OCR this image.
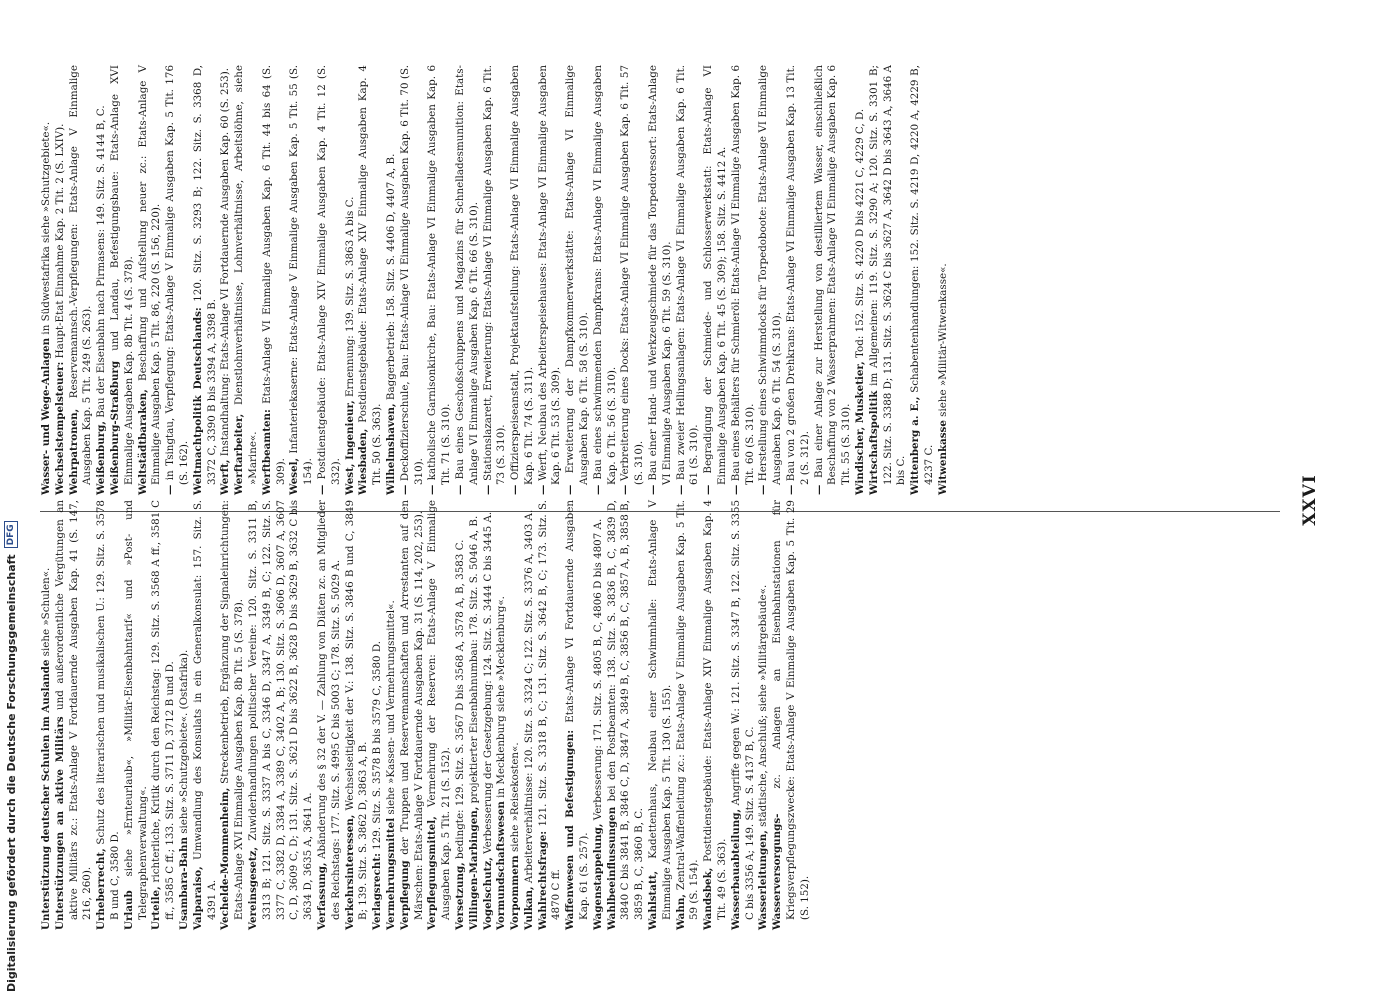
Digitalisierung gefördert durch die Deutsche Forschungsgemeinschaft
DFG
XXVI

Unterstützung deutscher Schulen im Auslande siehe »Schulen«.

Unterstützungen an aktive Militärs und außerordentliche Vergütungen an aktive Militärs zc.: Etats-Anlage V Fortdauernde Ausgaben Kap. 41 (S. 147, 216, 260). Urheberrecht, Schutz des literarischen und musikalischen U.: 129. Sitz. S. 3578 B und C, 3580 D. Urlaub siehe »Ernteurlaub«, »Militär-Eisenbahntarif« und »Post- und Telegraphenverwaltung«. Urteile, richterliche, Kritik durch den Reichstag: 129. Sitz. S. 3568 A ff., 3581 C ff., 3585 C ff.; 133. Sitz. S. 3711 D, 3712 B und D. Usambara-Bahn siehe »Schutzgebiete«. (Ostafrika).

Valparaiso, Umwandlung des Konsulats in ein Generalkonsulat: 157. Sitz. S. 4391 A. Vechelde-Mommenheim, Streckenbetrieb, Ergänzung der Signaleinrichtungen: Etats-Anlage XVI Einmalige Ausgaben Kap. 8b Tit. 5 (S. 378). Vereinsgesetz, Zuwiderhandlungen politischer Vereine: 120. Sitz. S. 3311 B, 3313 B; 121. Sitz. S. 3337 A bis C, 3346 D, 3347 A, 3349 B, C; 122. Sitz. S. 3377 C, 3382 D, 3384 A, 3389 C, 3402 A, B; 130. Sitz. S. 3606 D, 3607 A, 3607 C, D, 3609 C, D; 131. Sitz. S. 3621 D bis 3622 B, 3628 D bis 3629 B, 3632 C bis 3634 D, 3635 A, 3641 A. Verfassung, Abänderung des § 32 der V. — Zahlung von Diäten zc. an Mitglieder des Reichstags: 177. Sitz. S. 4995 C bis 5003 C; 178. Sitz. S. 5029 A. Verkehrsinteressen, Wechselseitigkeit der V.: 138. Sitz. S. 3846 B und C, 3849 B; 139. Sitz. S. 3862 D, 3863 A, B. Verlagsrecht: 129. Sitz. S. 3578 B bis 3579 C, 3580 D.

Vermehrungsmittel siehe »Kassen- und Vermehrungsmittel«.

Verpflegung der Truppen und Reservemannschaften und Arrestanten auf den Märschen: Etats-Anlage V Fortdauernde Ausgaben Kap. 31 (S. 114, 202, 253). Verpflegungsmittel, Vermehrung der Reserven: Etats-Anlage V Einmalige Ausgaben Kap. 5 Tit. 21 (S. 152). Versetzung, bedingte: 129. Sitz. S. 3567 D bis 3568 A, 3578 A, B, 3583 C.

Villingen-Marbingen, projektierter Eisenbahnumbau: 178. Sitz. S. 5046 A, B.

Vogelschutz, Verbesserung der Gesetzgebung: 124. Sitz. S. 3444 C bis 3445 A.

Vormundschaftswesen in Mecklenburg siehe »Mecklenburg«.

Vorpommern siehe »Reisekosten«.

Vulkan, Arbeiterverhältnisse: 120. Sitz. S. 3324 C; 122. Sitz. S. 3376 A, 3403 A. Wahlrechtsfrage: 121. Sitz. S. 3318 B, C; 131. Sitz. S. 3642 B, C; 173. Sitz. S. 4870 C ff. Waffenwesen und Befestigungen: Etats-Anlage VI Fortdauernde Ausgaben Kap. 61 (S. 257). Wagenstappelung, Verbesserung: 171. Sitz. S. 4805 B, C, 4806 D bis 4807 A.

Wahlbeeinflussungen bei den Postbeamten: 138. Sitz. S. 3836 B, C, 3839 D, 3840 C bis 3841 B, 3846 C, D, 3847 A, 3849 B, C, 3856 B, C, 3857 A, B, 3858 B, 3859 B, C, 3860 B, C. Wahlstatt, Kadettenhaus, Neubau einer Schwimmhalle: Etats-Anlage V Einmalige Ausgaben Kap. 5 Tit. 130 (S. 155). Wahn, Zentral-Waffenleitung zc.: Etats-Anlage V Einmalige Ausgaben Kap. 5 Tit. 59 (S. 154). Wandsbek, Posttdienstgebäude: Etats-Anlage XIV Einmalige Ausgaben Kap. 4 Tit. 49 (S. 363). Wasserbauabteilung, Angriffe gegen W.: 121. Sitz. S. 3347 B, 122. Sitz. S. 3355 C bis 3356 A; 149. Sitz. S. 4137 B, C. Wasserleitungen, städtische, Anschluß; siehe »Militärgebäude«.

Wasserversorgungs- zc. Anlagen an Eisenbahnstationen für Kriegsverpflegungszwecke: Etats-Anlage V Einmalige Ausgaben Kap. 5 Tit. 29 (S. 152).

Wasser- und Wege-Anlagen in Südwestafrika siehe »Schutzgebiete«.

Wechselstempelsteuer: Haupt-Etat Einnahme Kap. 2 Tit. 2 (S. LXIV).

Wehrpatronen, Reservemannsch.-Verpflegungen: Etats-Anlage V Einmalige Ausgaben Kap. 5 Tit. 249 (S. 263). Weißenburg, Bau der Eisenbahn nach Pirmasens: 149. Sitz. S. 4144 B, C.

Weißenburg-Straßburg und Landau, Befestigungsbaue: Etats-Anlage XVI Einmalige Ausgaben Kap. 8b Tit. 4 (S. 378). Weltstädtbaraken, Beschaffung und Aufstellung neuer zc.: Etats-Anlage V Einmalige Ausgaben Kap. 5 Tit. 86, 220 (S. 156, 220).

— in Tsingtau, Verpflegung: Etats-Anlage V Einmalige Ausgaben Kap. 5 Tit. 176 (S. 162). Weltmachtpolitik Deutschlands: 120. Sitz. S. 3293 B; 122. Sitz. S. 3368 D, 3372 C, 3390 B bis 3394 A, 3398 B. Werft, Instandhaltung: Etats-Anlage VI Fortdauernde Ausgaben Kap. 60 (S. 253). Werftarbeiter, Dienstlohnverhältnisse, Lohnverhältnisse, Arbeitslöhne, siehe »Marine«. Werftbeamten: Etats-Anlage VI Einmalige Ausgaben Kap. 6 Tit. 44 bis 64 (S. 309). Wesel, Infanteriekaserne: Etats-Anlage V Einmalige Ausgaben Kap. 5 Tit. 55 (S. 154).

— Postdienstgebäude: Etats-Anlage XIV Einmalige Ausgaben Kap. 4 Tit. 12 (S. 332). West, Ingenieur, Ernennung: 139. Sitz. S. 3863 A bis C.

Wiesbaden, Postdienstgebäude: Etats-Anlage XIV Einmalige Ausgaben Kap. 4 Tit. 50 (S. 363). Wilhelmshaven, Baggerbetrieb: 158. Sitz. S. 4406 D, 4407 A, B.

— Deckoffizierschule, Bau: Etats-Anlage VI Einmalige Ausgaben Kap. 6 Tit. 70 (S. 310).

— katholische Garnisonkirche, Bau: Etats-Anlage VI Einmalige Ausgaben Kap. 6 Tit. 71 (S. 310).

— Bau eines Geschoßschuppens und Magazins für Schnelladesmunition: Etats-Anlage VI Einmalige Ausgaben Kap. 6 Tit. 66 (S. 310).

— Stationslazarett, Erweiterung: Etats-Anlage VI Einmalige Ausgaben Kap. 6 Tit. 73 (S. 310).

— Offizierspeiseanstalt, Projektaufstellung: Etats-Anlage VI Einmalige Ausgaben Kap. 6 Tit. 74 (S. 311).

— Werft, Neubau des Arbeiterspeisehauses: Etats-Anlage VI Einmalige Ausgaben Kap. 6 Tit. 53 (S. 309).

— Erweiterung der Dampfkommerwerkstätte: Etats-Anlage VI Einmalige Ausgaben Kap. 6 Tit. 58 (S. 310).

— Bau eines schwimmenden Dampfkrans: Etats-Anlage VI Einmalige Ausgaben Kap. 6 Tit. 56 (S. 310).

— Verbreiterung eines Docks: Etats-Anlage VI Einmalige Ausgaben Kap. 6 Tit. 57 (S. 310).

— Bau einer Hand- und Werkzeugschmiede für das Torpedoressort: Etats-Anlage VI Einmalige Ausgaben Kap. 6 Tit. 59 (S. 310).

— Bau zweier Hellingsanlagen: Etats-Anlage VI Einmalige Ausgaben Kap. 6 Tit. 61 (S. 310).

— Begradigung der Schmiede- und Schlosserwerkstatt: Etats-Anlage VI Einmalige Ausgaben Kap. 6 Tit. 45 (S. 309); 158. Sitz. S. 4412 A.

— Bau eines Behälters für Schmieröl: Etats-Anlage VI Einmalige Ausgaben Kap. 6 Tit. 60 (S. 310).

— Herstellung eines Schwimmdocks für Torpedoboote: Etats-Anlage VI Einmalige Ausgaben Kap. 6 Tit. 54 (S. 310).

— Bau von 2 großen Drehkrans: Etats-Anlage VI Einmalige Ausgaben Kap. 13 Tit. 2 (S. 312).

— Bau einer Anlage zur Herstellung von destilliertem Wasser, einschließlich Beschaffung von 2 Wasserprahmen: Etats-Anlage VI Einmalige Ausgaben Kap. 6 Tit. 55 (S. 310). Windischer, Musketier, Tod: 152. Sitz. S. 4220 D bis 4221 C, 4229 C, D.

Wirtschaftspolitik im Allgemeinen: 119. Sitz. S. 3290 A; 120. Sitz. S. 3301 B; 122. Sitz. S. 3388 D; 131. Sitz. S. 3624 C bis 3627 A, 3642 D bis 3643 A, 3646 A bis C. Wittenberg a. E., Schabentenhandlungen: 152. Sitz. S. 4219 D, 4220 A, 4229 B, 4237 C. Witwenkasse siehe »Militär-Witwenkasse«.
